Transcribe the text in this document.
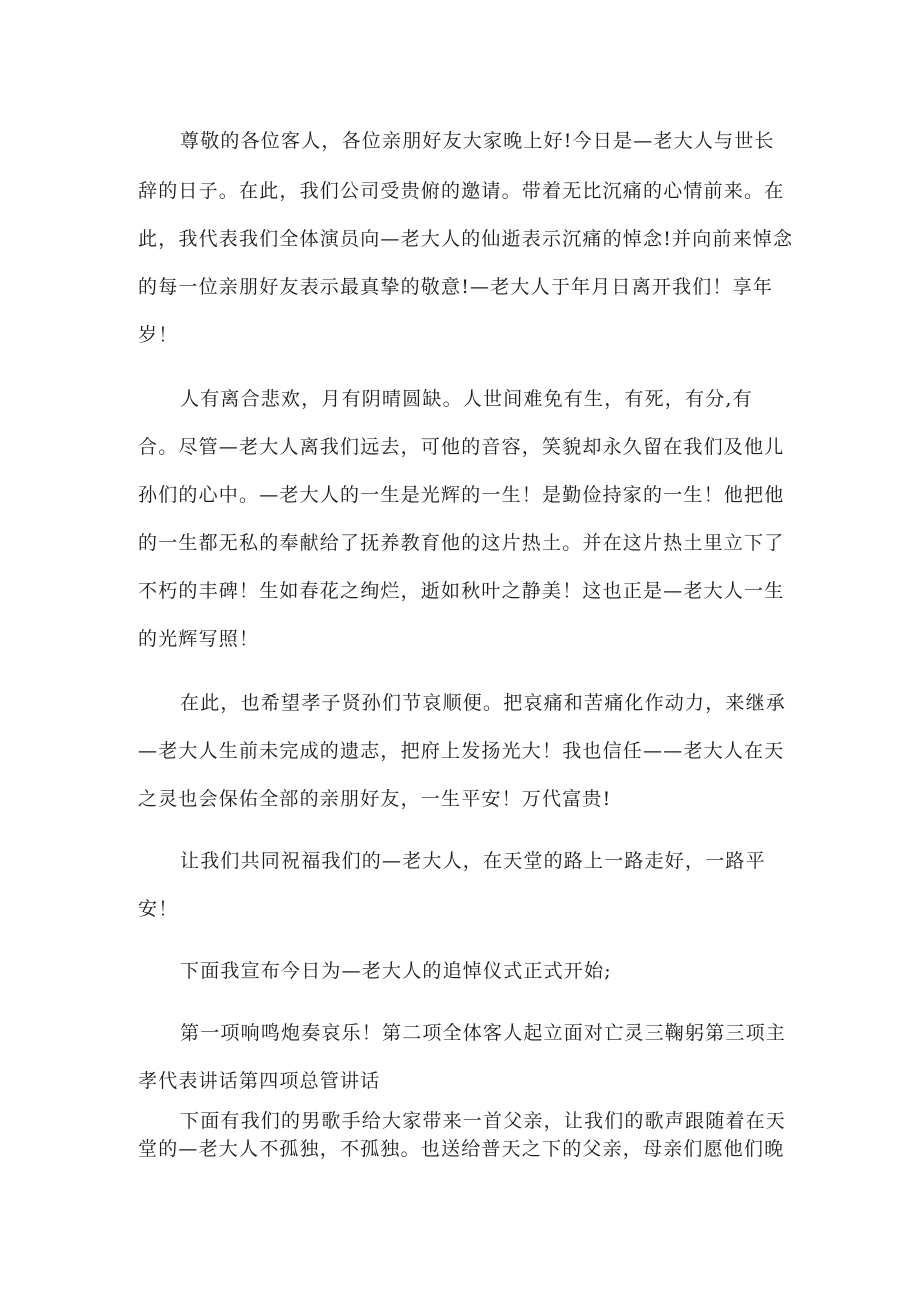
尊敬的各位客人，各位亲朋好友大家晚上好!今日是—老大人与世长
辞的日子。在此，我们公司受贵俯的邀请。带着无比沉痛的心情前来。在
此，我代表我们全体演员向—老大人的仙逝表示沉痛的悼念!并向前来悼念
的每一位亲朋好友表示最真挚的敬意!—老大人于年月日离开我们！享年
岁！
人有离合悲欢，月有阴晴圆缺。人世间难免有生，有死，有分,有
合。尽管—老大人离我们远去，可他的音容，笑貌却永久留在我们及他儿
孙们的心中。—老大人的一生是光辉的一生！是勤俭持家的一生！他把他
的一生都无私的奉献给了抚养教育他的这片热土。并在这片热土里立下了
不朽的丰碑！生如春花之绚烂，逝如秋叶之静美！这也正是—老大人一生
的光辉写照！
在此，也希望孝子贤孙们节哀顺便。把哀痛和苦痛化作动力，来继承
—老大人生前未完成的遗志，把府上发扬光大！我也信任——老大人在天
之灵也会保佑全部的亲朋好友，一生平安！万代富贵!
让我们共同祝福我们的—老大人，在天堂的路上一路走好，一路平
安！
下面我宣布今日为—老大人的追悼仪式正式开始;
第一项响鸣炮奏哀乐！第二项全体客人起立面对亡灵三鞠躬第三项主
孝代表讲话第四项总管讲话
下面有我们的男歌手给大家带来一首父亲，让我们的歌声跟随着在天
堂的—老大人不孤独，不孤独。也送给普天之下的父亲，母亲们愿他们晚
